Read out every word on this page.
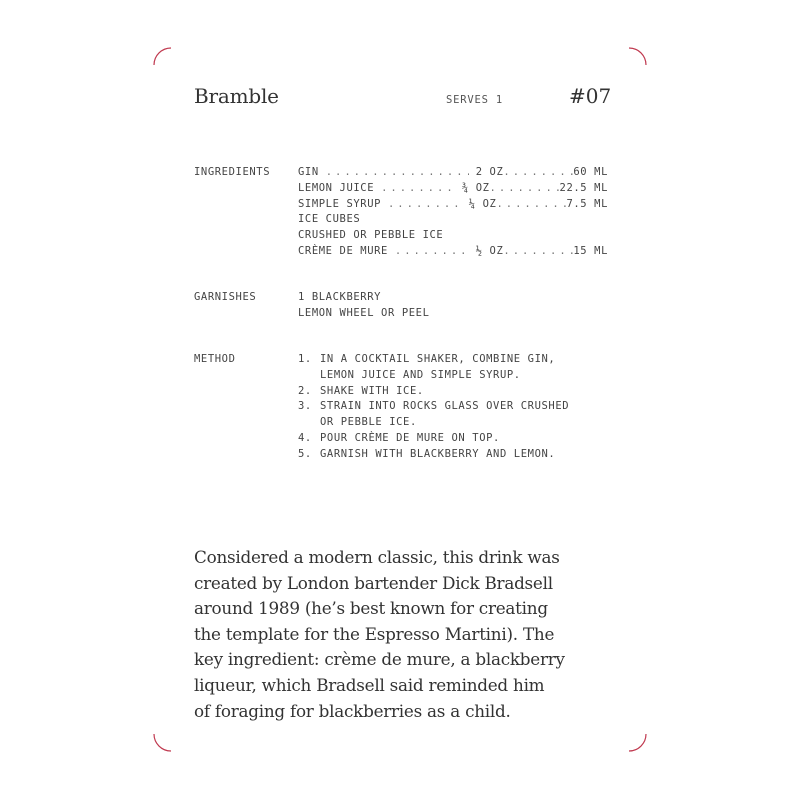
Bramble	SERVES 1	#07
INGREDIENTS	GIN .....	2 OZ .....	60 ML
LEMON JUICE .....	¾ OZ .....	22.5 ML
SIMPLE SYRUP .....	¼ OZ .....	7.5 ML
ICE CUBES
CRUSHED OR PEBBLE ICE
CRÈME DE MURE .....	½ OZ .....	15 ML
GARNISHES	1 BLACKBERRY
LEMON WHEEL OR PEEL
METHOD	1. IN A COCKTAIL SHAKER, COMBINE GIN,
LEMON JUICE AND SIMPLE SYRUP.
2. SHAKE WITH ICE.
3. STRAIN INTO ROCKS GLASS OVER CRUSHED
OR PEBBLE ICE.
4. POUR CRÈME DE MURE ON TOP.
5. GARNISH WITH BLACKBERRY AND LEMON.
Considered a modern classic, this drink was
created by London bartender Dick Bradsell
around 1989 (he’s best known for creating
the template for the Espresso Martini). The
key ingredient: crème de mure, a blackberry
liqueur, which Bradsell said reminded him
of foraging for blackberries as a child.
